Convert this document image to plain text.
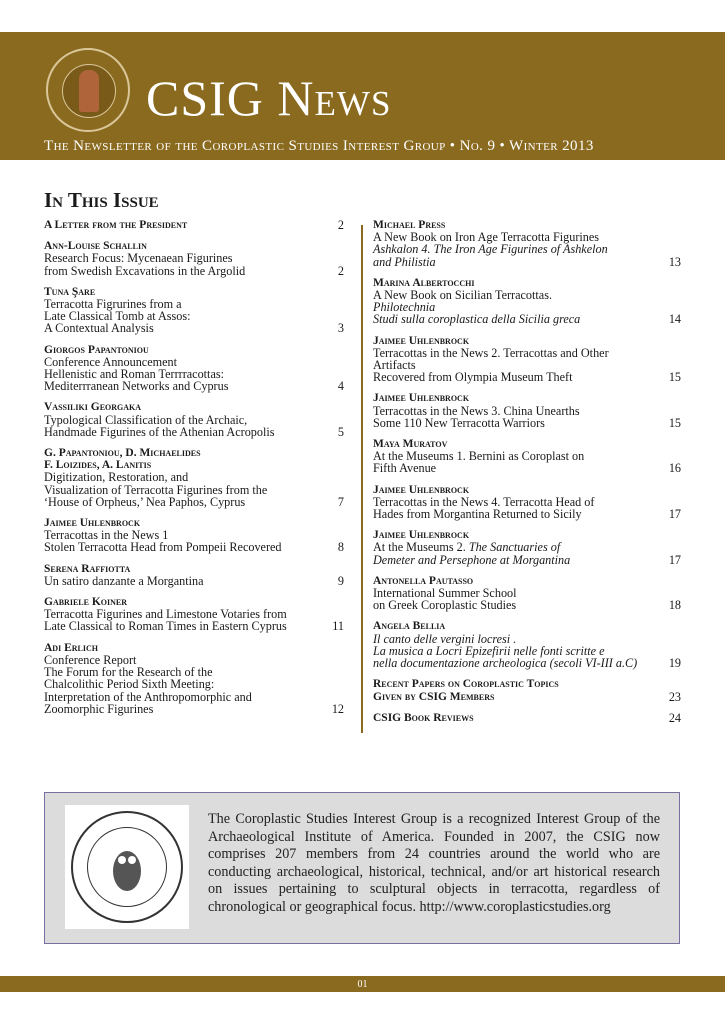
CSIG News
The Newsletter of the Coroplastic Studies Interest Group • No. 9 • Winter 2013
In This Issue
A Letter from the President	2
Ann-Louise Schallin
Research Focus: Mycenaean Figurines
from Swedish Excavations in the Argolid	2
Tuna Şare
Terracotta Figrurines from a
Late Classical Tomb at Assos:
A Contextual Analysis	3
Giorgos Papantoniou
Conference Announcement
Hellenistic and Roman Terrrracottas:
Mediterrranean Networks and Cyprus	4
Vassiliki Georgaka
Typological Classification of the Archaic,
Handmade Figurines of the Athenian Acropolis	5
G. Papantoniou, D. Michaelides
F. Loizides, A. Lanitis
Digitization, Restoration, and
Visualization of Terracotta Figurines from the
‘House of Orpheus,’ Nea Paphos, Cyprus	7
Jaimee Uhlenbrock
Terracottas in the News 1
Stolen Terracotta Head from Pompeii Recovered	8
Serena Raffiotta
Un satiro danzante a Morgantina	9
Gabriele Koiner
Terracotta Figurines and Limestone Votaries from
Late Classical to Roman Times in Eastern Cyprus	11
Adi Erlich
Conference Report
The Forum for the Research of the
Chalcolithic Period Sixth Meeting:
Interpretation of the Anthropomorphic and
Zoomorphic Figurines	12
Michael Press
A New Book on Iron Age Terracotta Figurines
Ashkalon 4. The Iron Age Figurines of Ashkelon
and Philistia	13
Marina Albertocchi
A New Book on Sicilian Terracottas.
Philotechnia
Studi sulla coroplastica della Sicilia greca	14
Jaimee Uhlenbrock
Terracottas in the News 2. Terracottas and Other Artifacts
Recovered from Olympia Museum Theft	15
Jaimee Uhlenbrock
Terracottas in the News 3. China Unearths
Some 110 New Terracotta Warriors	15
Maya Muratov
At the Museums 1. Bernini as Coroplast on
Fifth Avenue	16
Jaimee Uhlenbrock
Terracottas in the News 4. Terracotta Head of
Hades from Morgantina Returned to Sicily	17
Jaimee Uhlenbrock
At the Museums 2. The Sanctuaries of
Demeter and Persephone at Morgantina	17
Antonella Pautasso
International Summer School
on Greek Coroplastic Studies	18
Angela Bellia
Il canto delle vergini locresi .
La musica a Locri Epizefirii nelle fonti scritte e
nella documentazione archeologica (secoli VI-III a.C)	19
Recent Papers on Coroplastic Topics
Given by CSIG Members	23
CSIG Book Reviews	24
The Coroplastic Studies Interest Group is a recognized Interest Group of the Archaeological Institute of America. Founded in 2007, the CSIG now comprises 207 members from 24 countries around the world who are conducting archaeological, historical, technical, and/or art historical research on issues pertaining to sculptural objects in terracotta, regardless of chronological or geographical focus. http://www.coroplasticstudies.org
01
